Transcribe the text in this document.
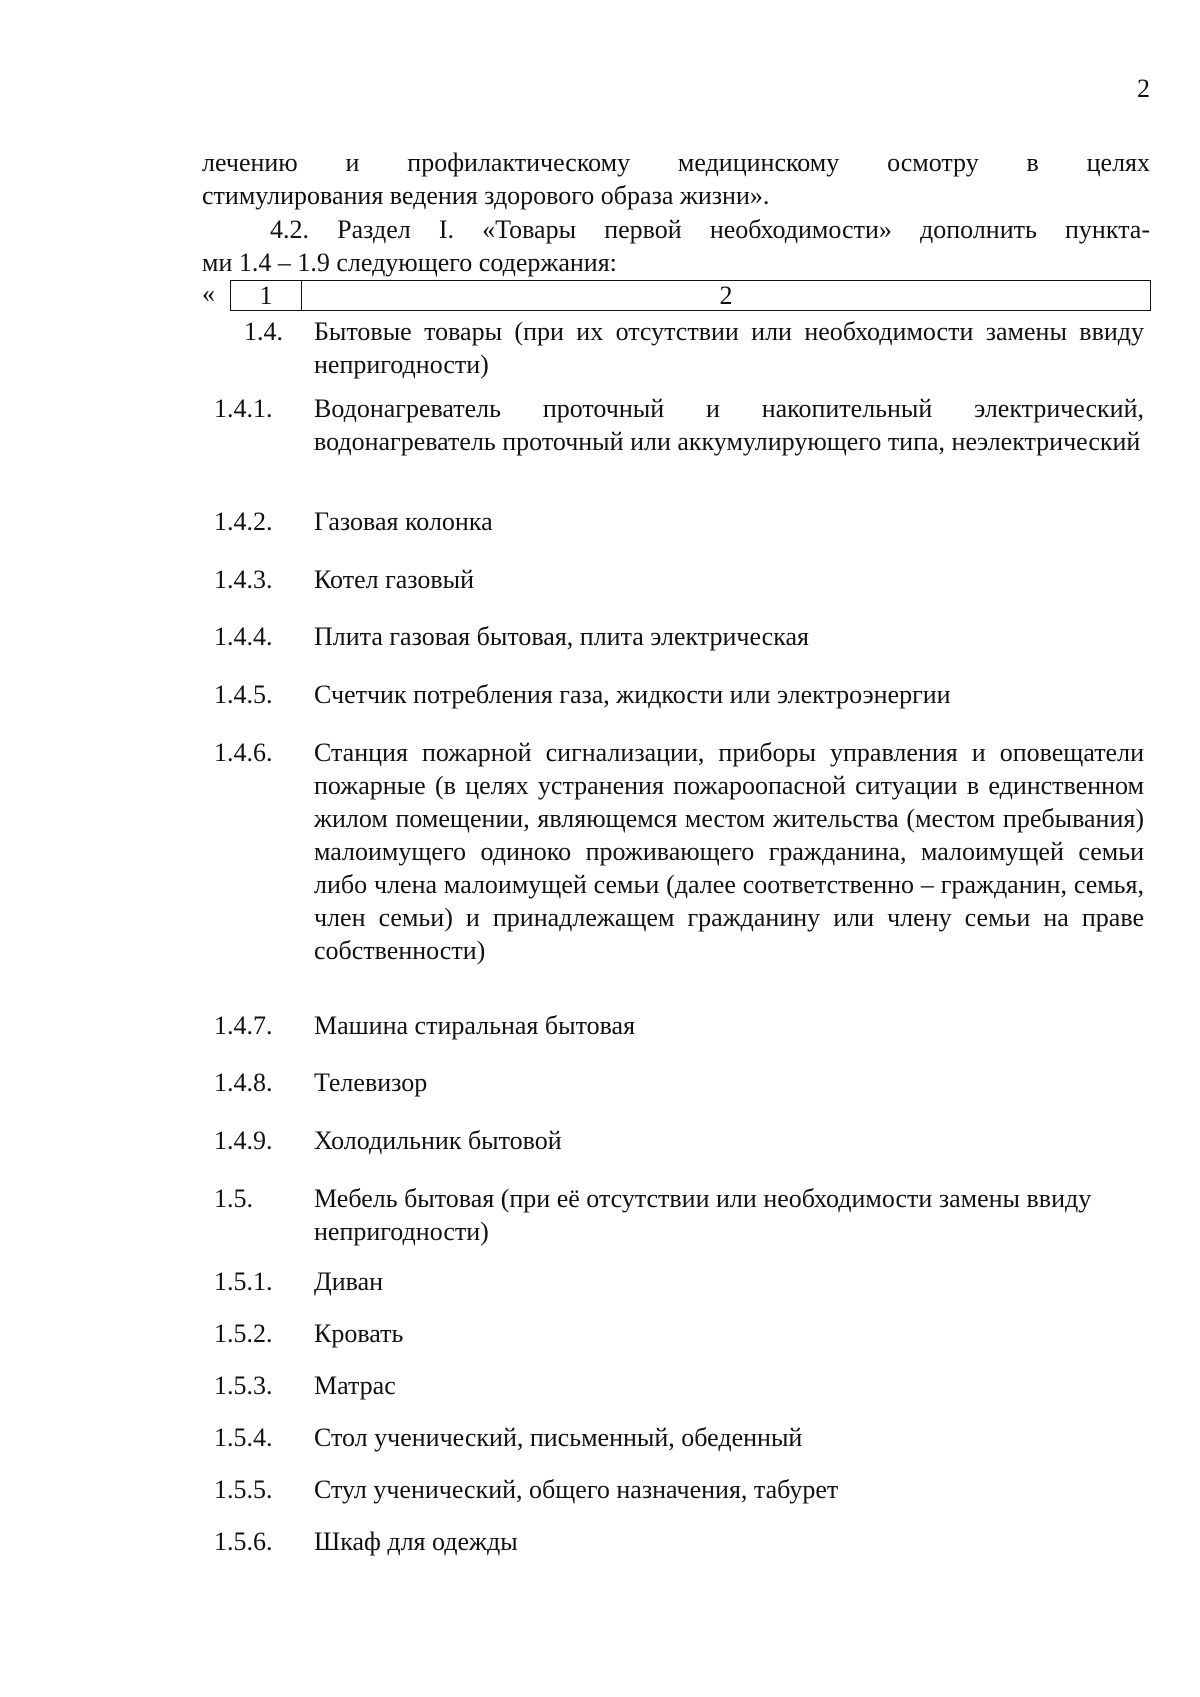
2
лечению и профилактическому медицинскому осмотру в целях
стимулирования ведения здорового образа жизни».
4.2. Раздел I. «Товары первой необходимости» дополнить пункта-
ми 1.4 – 1.9 следующего содержания:
«	1	2
1.4.	Бытовые товары (при их отсутствии или необходимости замены ввиду непригодности)
1.4.1.	Водонагреватель проточный и накопительный электрический, водонагреватель проточный или аккумулирующего типа, неэлектрический
1.4.2.	Газовая колонка
1.4.3.	Котел газовый
1.4.4.	Плита газовая бытовая, плита электрическая
1.4.5.	Счетчик потребления газа, жидкости или электроэнергии
1.4.6.	Станция пожарной сигнализации, приборы управления и оповещатели пожарные (в целях устранения пожароопасной ситуации в единственном жилом помещении, являющемся местом жительства (местом пребывания) малоимущего одиноко проживающего гражданина, малоимущей семьи либо члена малоимущей семьи (далее соответственно – гражданин, семья, член семьи) и принадлежащем гражданину или члену семьи на праве собственности)
1.4.7.	Машина стиральная бытовая
1.4.8.	Телевизор
1.4.9.	Холодильник бытовой
1.5.	Мебель бытовая (при её отсутствии или необходимости замены ввиду непригодности)
1.5.1.	Диван
1.5.2.	Кровать
1.5.3.	Матрас
1.5.4.	Стол ученический, письменный, обеденный
1.5.5.	Стул ученический, общего назначения, табурет
1.5.6.	Шкаф для одежды
